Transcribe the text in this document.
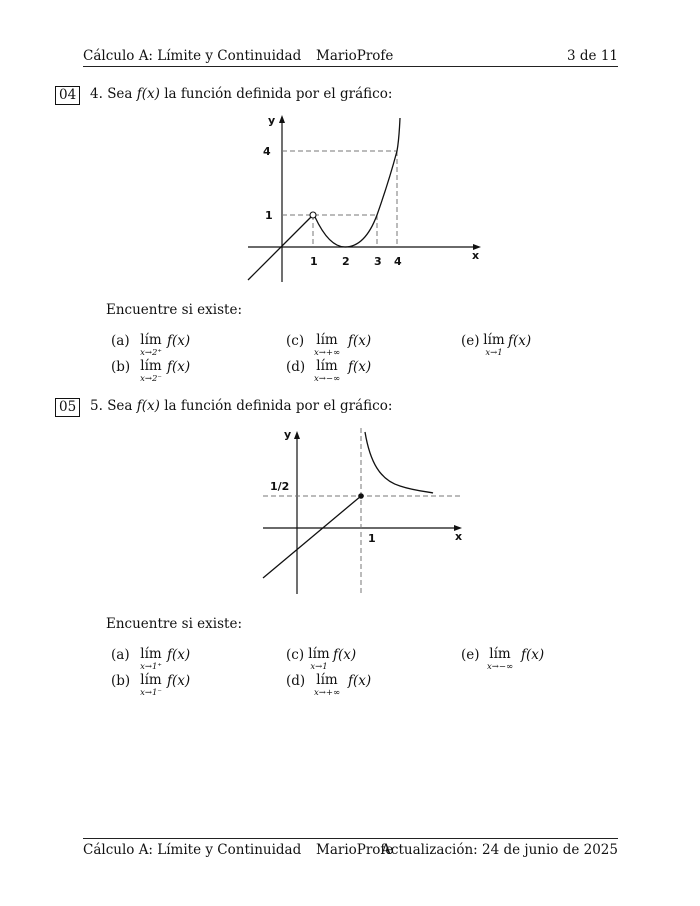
Cálculo A: Límite y Continuidad MarioProfe	3 de 11
04 4. Sea f(x) la función definida por el gráfico:
y
x
4
1
1 2 3 4
Encuentre si existe:
(a) lím
x→2⁺
f(x)
(b) lím
x→2⁻
f(x)
(c) lím
x→+∞
f(x)
(d) lím
x→−∞
f(x)
(e) lím
x→1
f(x)
05 5. Sea f(x) la función definida por el gráfico:
y
x
1/2
1
Encuentre si existe:
(a) lím
x→1⁺
f(x)
(b) lím
x→1⁻
f(x)
(c) lím
x→1
f(x)
(d) lím
x→+∞
f(x)
(e) lím
x→−∞
f(x)
Cálculo A: Límite y Continuidad MarioProfe
Actualización: 24 de junio de 2025
